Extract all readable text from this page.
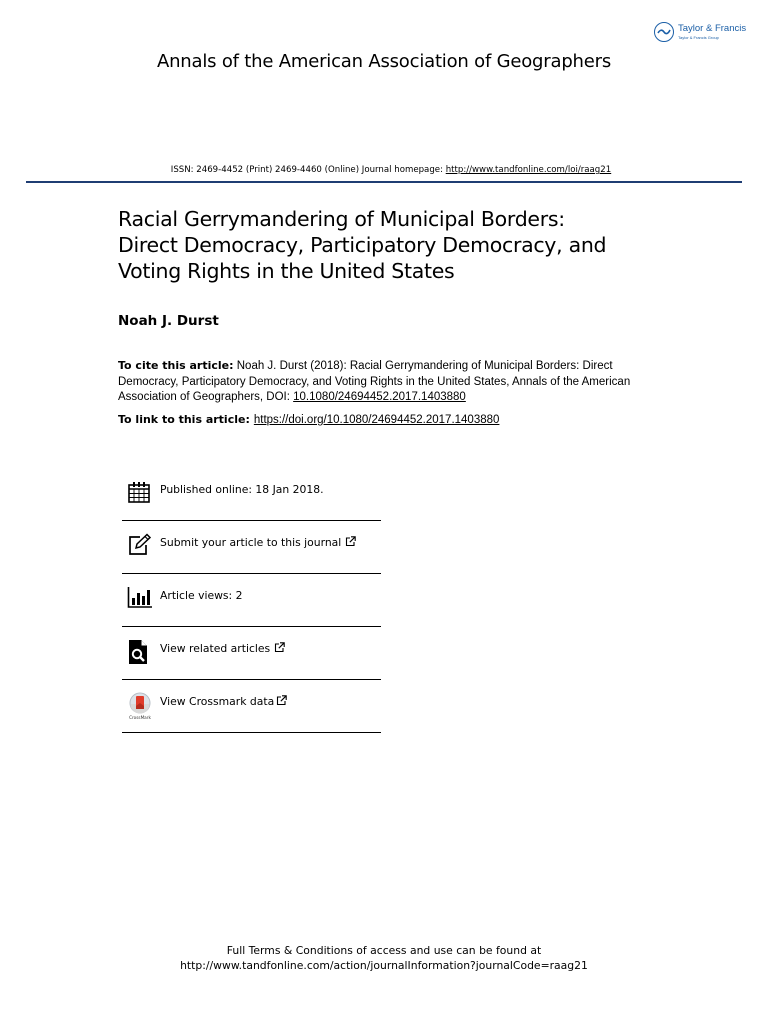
Taylor & Francis
Taylor & Francis Group
Annals of the American Association of Geographers
ISSN: 2469-4452 (Print) 2469-4460 (Online) Journal homepage: http://www.tandfonline.com/loi/raag21
Racial Gerrymandering of Municipal Borders:
Direct Democracy, Participatory Democracy, and
Voting Rights in the United States
Noah J. Durst
To cite this article: Noah J. Durst (2018): Racial Gerrymandering of Municipal Borders: Direct Democracy, Participatory Democracy, and Voting Rights in the United States, Annals of the American Association of Geographers, DOI: 10.1080/24694452.2017.1403880
To link to this article: https://doi.org/10.1080/24694452.2017.1403880
Published online: 18 Jan 2018.
Submit your article to this journal
Article views: 2
View related articles
CrossMark
View Crossmark data
Full Terms & Conditions of access and use can be found at
http://www.tandfonline.com/action/journalInformation?journalCode=raag21
